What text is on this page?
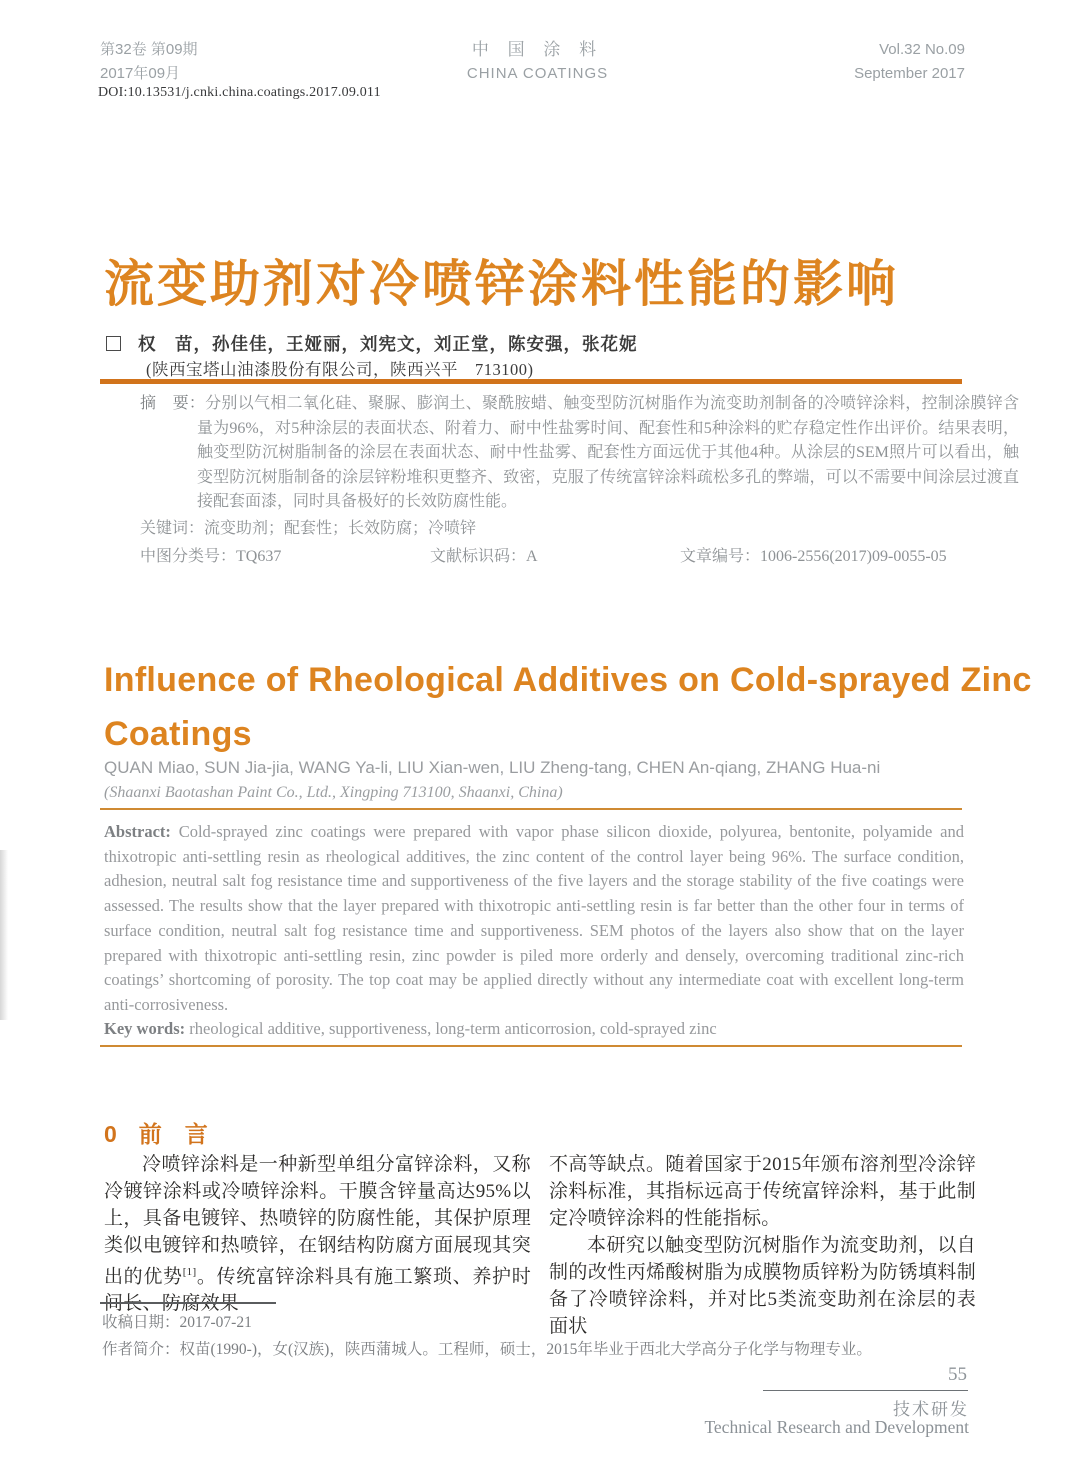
第32卷 第09期
2017年09月
中 国 涂 料
CHINA COATINGS
Vol.32 No.09
September 2017
DOI:10.13531/j.cnki.china.coatings.2017.09.011
流变助剂对冷喷锌涂料性能的影响
权　苗，孙佳佳，王娅丽，刘宪文，刘正堂，陈安强，张花妮
(陕西宝塔山油漆股份有限公司，陕西兴平　713100)
摘　要：分别以气相二氧化硅、聚脲、膨润土、聚酰胺蜡、触变型防沉树脂作为流变助剂制备的冷喷锌涂料，控制涂膜锌含量为96%，对5种涂层的表面状态、附着力、耐中性盐雾时间、配套性和5种涂料的贮存稳定性作出评价。结果表明，触变型防沉树脂制备的涂层在表面状态、耐中性盐雾、配套性方面远优于其他4种。从涂层的SEM照片可以看出，触变型防沉树脂制备的涂层锌粉堆积更整齐、致密，克服了传统富锌涂料疏松多孔的弊端，可以不需要中间涂层过渡直接配套面漆，同时具备极好的长效防腐性能。
关键词：流变助剂；配套性；长效防腐；冷喷锌
中图分类号：TQ637	文献标识码：A	文章编号：1006-2556(2017)09-0055-05
Influence of Rheological Additives on Cold-sprayed Zinc
Coatings
QUAN Miao, SUN Jia-jia, WANG Ya-li, LIU Xian-wen, LIU Zheng-tang, CHEN An-qiang, ZHANG Hua-ni
(Shaanxi Baotashan Paint Co., Ltd., Xingping 713100, Shaanxi, China)
Abstract: Cold-sprayed zinc coatings were prepared with vapor phase silicon dioxide, polyurea, bentonite, polyamide and thixotropic anti-settling resin as rheological additives, the zinc content of the control layer being 96%. The surface condition, adhesion, neutral salt fog resistance time and supportiveness of the five layers and the storage stability of the five coatings were assessed. The results show that the layer prepared with thixotropic anti-settling resin is far better than the other four in terms of surface condition, neutral salt fog resistance time and supportiveness. SEM photos of the layers also show that on the layer prepared with thixotropic anti-settling resin, zinc powder is piled more orderly and densely, overcoming traditional zinc-rich coatings’ shortcoming of porosity. The top coat may be applied directly without any intermediate coat with excellent long-term anti-corrosiveness.
Key words: rheological additive, supportiveness, long-term anticorrosion, cold-sprayed zinc
0 前　言

冷喷锌涂料是一种新型单组分富锌涂料，又称冷镀锌涂料或冷喷锌涂料。干膜含锌量高达95%以上，具备电镀锌、热喷锌的防腐性能，其保护原理类似电镀锌和热喷锌，在钢结构防腐方面展现其突出的优势[1]。传统富锌涂料具有施工繁琐、养护时间长、防腐效果

不高等缺点。随着国家于2015年颁布溶剂型冷涂锌涂料标准，其指标远高于传统富锌涂料，基于此制定冷喷锌涂料的性能指标。

本研究以触变型防沉树脂作为流变助剂，以自制的改性丙烯酸树脂为成膜物质锌粉为防锈填料制备了冷喷锌涂料，并对比5类流变助剂在涂层的表面状

收稿日期：2017-07-21
作者简介：权苗(1990-)，女(汉族)，陕西蒲城人。工程师，硕士，2015年毕业于西北大学高分子化学与物理专业。
55
技术研发
Technical Research and Development
